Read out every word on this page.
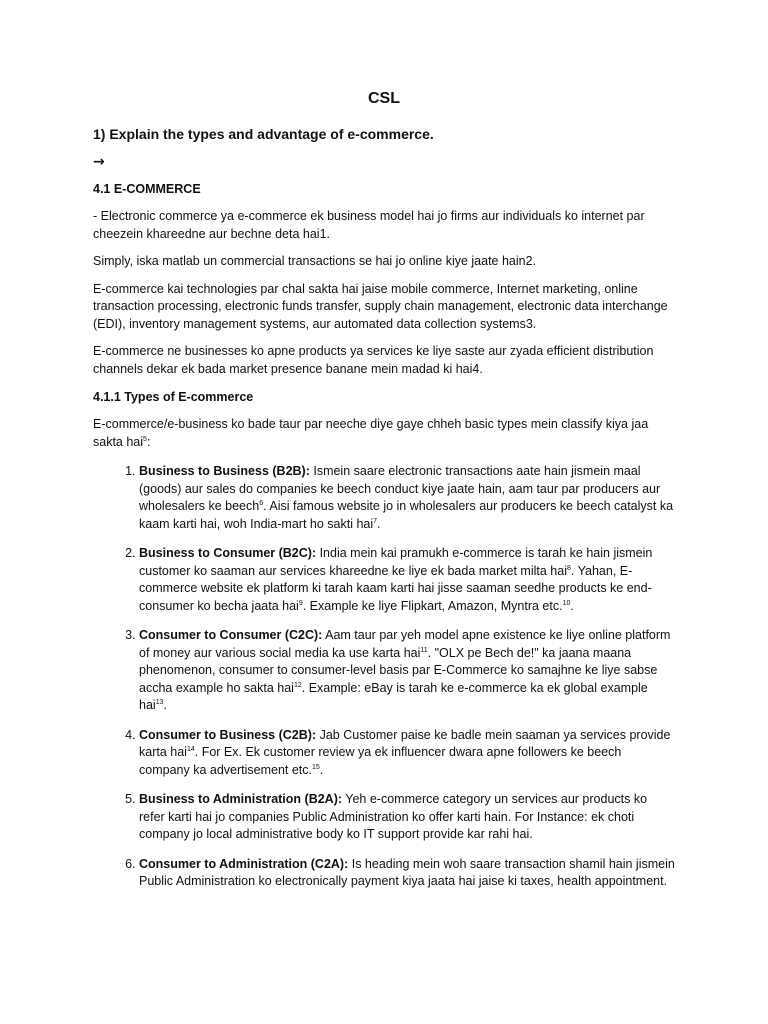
CSL
1) Explain the types and advantage of e-commerce.
→
4.1 E-COMMERCE

- Electronic commerce ya e-commerce ek business model hai jo firms aur individuals ko internet par cheezein khareedne aur bechne deta hai1.

Simply, iska matlab un commercial transactions se hai jo online kiye jaate hain2.

E-commerce kai technologies par chal sakta hai jaise mobile commerce, Internet marketing, online transaction processing, electronic funds transfer, supply chain management, electronic data interchange (EDI), inventory management systems, aur automated data collection systems3.

E-commerce ne businesses ko apne products ya services ke liye saste aur zyada efficient distribution channels dekar ek bada market presence banane mein madad ki hai4.

4.1.1 Types of E-commerce

E-commerce/e-business ko bade taur par neeche diye gaye chheh basic types mein classify kiya jaa sakta hai$^5$:

1. Business to Business (B2B): Ismein saare electronic transactions aate hain jismein maal (goods) aur sales do companies ke beech conduct kiye jaate hain, aam taur par producers aur wholesalers ke beech$^6$. Aisi famous website jo in wholesalers aur producers ke beech catalyst ka kaam karti hai, woh India-mart ho sakti hai$^7$.
2. Business to Consumer (B2C): India mein kai pramukh e-commerce is tarah ke hain jismein customer ko saaman aur services khareedne ke liye ek bada market milta hai$^8$. Yahan, E-commerce website ek platform ki tarah kaam karti hai jisse saaman seedhe products ke end-consumer ko becha jaata hai$^9$. Example ke liye Flipkart, Amazon, Myntra etc.$^{10}$.
3. Consumer to Consumer (C2C): Aam taur par yeh model apne existence ke liye online platform of money aur various social media ka use karta hai$^{11}$. "OLX pe Bech de!" ka jaana maana phenomenon, consumer to consumer-level basis par E-Commerce ko samajhne ke liye sabse accha example ho sakta hai$^{12}$. Example: eBay is tarah ke e-commerce ka ek global example hai$^{13}$.
4. Consumer to Business (C2B): Jab Customer paise ke badle mein saaman ya services provide karta hai$^{14}$. For Ex. Ek customer review ya ek influencer dwara apne followers ke beech company ka advertisement etc.$^{15}$.
5. Business to Administration (B2A): Yeh e-commerce category un services aur products ko refer karti hai jo companies Public Administration ko offer karti hain. For Instance: ek choti company jo local administrative body ko IT support provide kar rahi hai.
6. Consumer to Administration (C2A): Is heading mein woh saare transaction shamil hain jismein Public Administration ko electronically payment kiya jaata hai jaise ki taxes, health appointment.
